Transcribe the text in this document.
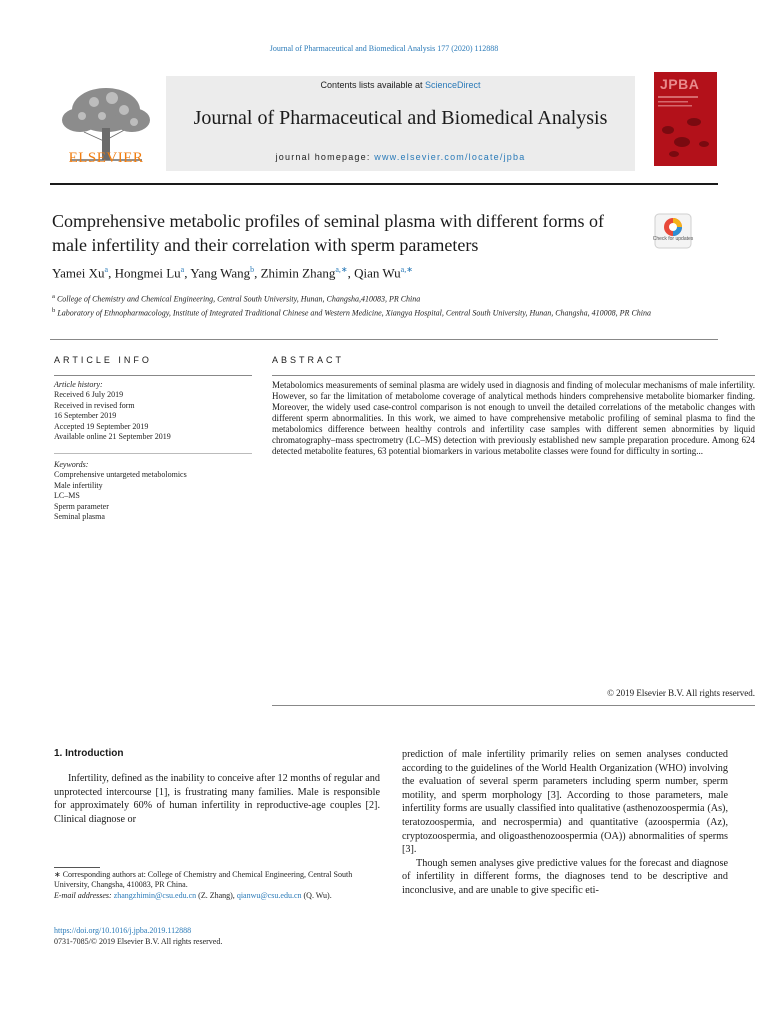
Journal of Pharmaceutical and Biomedical Analysis 177 (2020) 112888
ELSEVIER
Contents lists available at ScienceDirect
Journal of Pharmaceutical and Biomedical Analysis
journal homepage: www.elsevier.com/locate/jpba
JPBA
Comprehensive metabolic profiles of seminal plasma with different forms of male infertility and their correlation with sperm parameters	Check for updates
Yamei Xu$^a$, Hongmei Lu$^a$, Yang Wang$^b$, Zhimin Zhang$^{a,∗}$, Qian $Wu^{a,∗}$
$^a$ College of Chemistry and Chemical Engineering, Central South University, Hunan, Changsha,410083, PR China
$^b$ Laboratory of Ethnopharmacology, Institute of Integrated Traditional Chinese and Western Medicine, Xiangya Hospital, Central South University, Hunan, Changsha, 410008, PR China
ARTICLE INFO	ABSTRACT
Article history:
Received 6 July 2019
Received in revised form
16 September 2019
Accepted 19 September 2019
Available online 21 September 2019
Keywords:
Comprehensive untargeted metabolomics
Male infertility
LC–MS
Sperm parameter
Seminal plasma
Metabolomics measurements of seminal plasma are widely used in diagnosis and finding of molecular mechanisms of male infertility. However, so far the limitation of metabolome coverage of analytical methods hinders comprehensive metabolite biomarker finding. Moreover, the widely used case-control comparison is not enough to unveil the detailed correlations of the metabolic changes with different sperm abnormalities. In this work, we aimed to have comprehensive metabolic profiling of seminal plasma to find the metabolomics difference between healthy controls and infertility case samples with different semen abnormities by liquid chromatography–mass spectrometry (LC–MS) detection with previously established new sample preparation procedure. Among 624 detected metabolite features, 63 potential biomarkers in various metabolite classes were found for difficulty in sorting...
© 2019 Elsevier B.V. All rights reserved.
1. Introduction
Infertility, defined as the inability to conceive after 12 months of regular and unprotected intercourse [1], is frustrating many families. Male is responsible for approximately 60% of human infertility in reproductive-age couples [2]. Clinical diagnose or
prediction of male infertility primarily relies on semen analyses conducted according to the guidelines of the World Health Organization (WHO) involving the evaluation of several sperm parameters including sperm number, sperm motility, and sperm morphology [3]. According to those parameters, male infertility forms are usually classified into qualitative (asthenozoospermia (As), teratozoospermia, and necrospermia) and quantitative (azoospermia (Az), cryptozoospermia, and oligoasthenozoospermia (OA)) abnormalities of sperms [3].
Though semen analyses give predictive values for the forecast and diagnose of infertility in different forms, the diagnoses tend to be descriptive and inconclusive, and are unable to give specific eti-
∗ Corresponding authors at: College of Chemistry and Chemical Engineering, Central South University, Changsha, 410083, PR China.
E-mail addresses: zhangzhimin@csu.edu.cn (Z. Zhang), qianwu@csu.edu.cn (Q. Wu).
https://doi.org/10.1016/j.jpba.2019.112888
0731-7085/© 2019 Elsevier B.V. All rights reserved.
